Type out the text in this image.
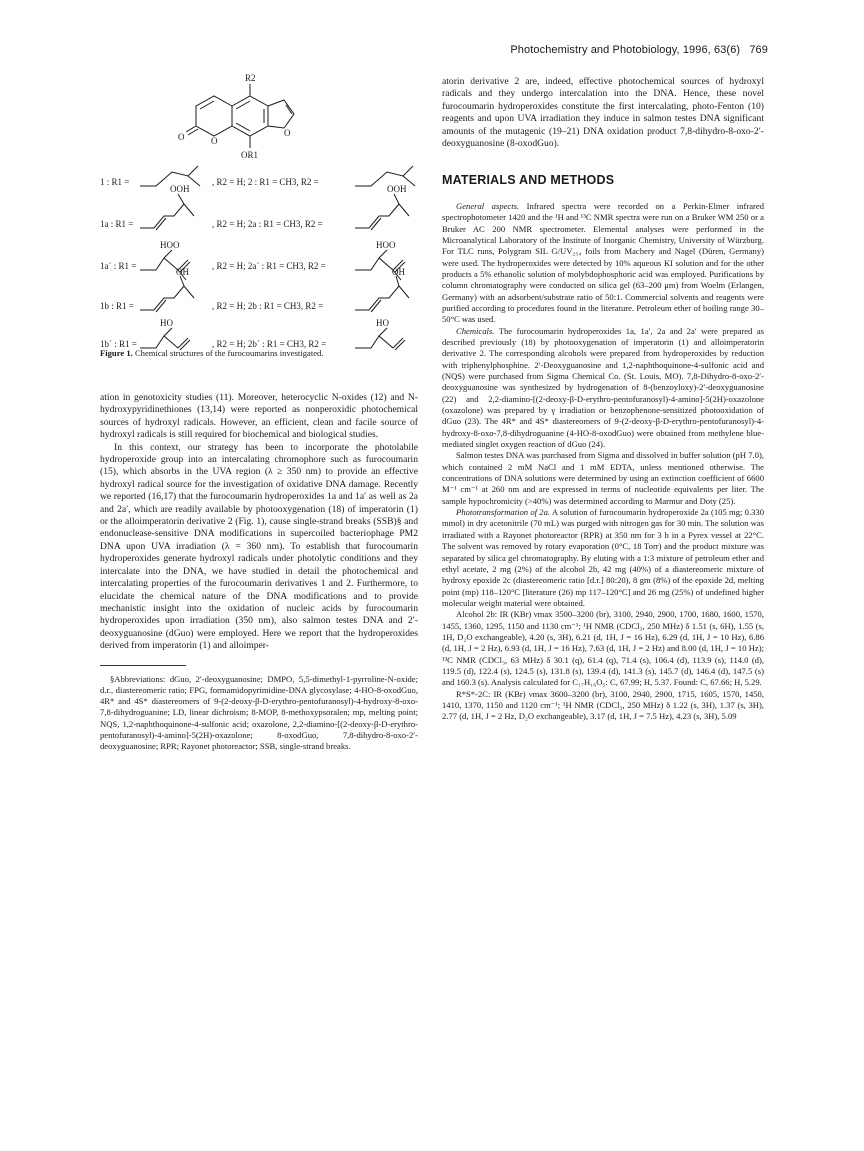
Photochemistry and Photobiology, 1996, 63(6) 769
R2
OR1
O	O
O
1 : R1 =	, R2 = H; 2 : R1 = CH3, R2 =
1a : R1 =	, R2 = H; 2a : R1 = CH3, R2 =
OOH	OOH
1a´ : R1 =	, R2 = H; 2a´ : R1 = CH3, R2 =
HOO	HOO
1b : R1 =	, R2 = H; 2b : R1 = CH3, R2 =
OH	OH
1b´ : R1 =	, R2 = H; 2b´ : R1 = CH3, R2 =
HO	HO
Figure 1. Chemical structures of the furocoumarins investigated.

ation in genotoxicity studies (11). Moreover, heterocyclic N-oxides (12) and N-hydroxypyridinethiones (13,14) were reported as nonperoxidic photochemical sources of hydroxyl radicals. However, an efficient, clean and facile source of hydroxyl radicals is still required for biochemical and biological studies.

In this context, our strategy has been to incorporate the photolabile hydroperoxide group into an intercalating chromophore such as furocoumarin (15), which absorbs in the UVA region (λ ≥ 350 nm) to provide an effective hydroxyl radical source for the investigation of oxidative DNA damage. Recently we reported (16,17) that the furocoumarin hydroperoxides 1a and 1a′ as well as 2a and 2a′, which are readily available by photooxygenation (18) of imperatorin (1) or the alloimperatorin derivative 2 (Fig. 1), cause single-strand breaks (SSB)§ and endonuclease-sensitive DNA modifications in supercoiled bacteriophage PM2 DNA upon UVA irradiation (λ = 360 nm). To establish that furocoumarin hydroperoxides generate hydroxyl radicals under photolytic conditions and they intercalate into the DNA, we have studied in detail the photochemical and intercalating properties of the furocoumarin derivatives 1 and 2. Furthermore, to elucidate the chemical nature of the DNA modifications and to provide mechanistic insight into the oxidation of nucleic acids by furocoumarin hydroperoxides upon irradiation (350 nm), also salmon testes DNA and 2′-deoxyguanosine (dGuo) were employed. Here we report that the hydroperoxides derived from imperatorin (1) and alloimper-

§Abbreviations: dGuo, 2′-deoxyguanosine; DMPO, 5,5-dimethyl-1-pyrroline-N-oxide; d.r., diastereomeric ratio; FPG, formamidopyrimidine-DNA glycosylase; 4-HO-8-oxodGuo, 4R* and 4S* diastereomers of 9-(2-deoxy-β-D-erythro-pentofuranosyl)-4-hydroxy-8-oxo-7,8-dihydroguanine; LD, linear dichroism; 8-MOP, 8-methoxypsoralen; mp, melting point; NQS, 1,2-naphthoquinone-4-sulfonic acid; oxazolone, 2,2-diamino-[(2-deoxy-β-D-erythro-pentofuranosyl)-4-amino]-5(2H)-oxazolone; 8-oxodGuo, 7,8-dihydro-8-oxo-2′-deoxyguanosine; RPR; Rayonet photoreactor; SSB, single-strand breaks.

atorin derivative 2 are, indeed, effective photochemical sources of hydroxyl radicals and they undergo intercalation into the DNA. Hence, these novel furocoumarin hydroperoxides constitute the first intercalating, photo-Fenton (10) reagents and upon UVA irradiation they induce in salmon testes DNA significant amounts of the mutagenic (19–21) DNA oxidation product 7,8-dihydro-8-oxo-2′-deoxyguanosine (8-oxodGuo).

MATERIALS AND METHODS

General aspects. Infrared spectra were recorded on a Perkin-Elmer infrared spectrophotometer 1420 and the ¹H and ¹³C NMR spectra were run on a Bruker WM 250 or a Bruker AC 200 NMR spectrometer. Elemental analyses were performed in the Microanalytical Laboratory of the Institute of Inorganic Chemistry, University of Würzburg. For TLC runs, Polygram SIL G/UV₂₅₄ foils from Machery and Nagel (Düren, Germany) were used. The hydroperoxides were detected by 10% aqueous KI solution and for the other products a 5% ethanolic solution of molybdophosphoric acid was employed. Purifications by column chromatography were conducted on silica gel (63–200 μm) from Woelm (Erlangen, Germany) with an adsorbent/substrate ratio of 50:1. Commercial solvents and reagents were purified according to procedures found in the literature. Petroleum ether of boiling range 30–50°C was used.

Chemicals. The furocoumarin hydroperoxides 1a, 1a′, 2a and 2a′ were prepared as described previously (18) by photooxygenation of imperatorin (1) and alloimperatorin derivative 2. The corresponding alcohols were prepared from hydroperoxides by reduction with triphenylphosphine. 2′-Deoxyguanosine and 1,2-naphthoquinone-4-sulfonic acid and (NQS) were purchased from Sigma Chemical Co. (St. Louis, MO). 7,8-Dihydro-8-oxo-2′-deoxyguanosine was synthesized by hydrogenation of 8-(benzoyloxy)-2′-deoxyguanosine (22) and 2,2-diamino-[(2-deoxy-β-D-erythro-pentofuranosyl)-4-amino]-5(2H)-oxazolone (oxazolone) was prepared by γ irradiation or benzophenone-sensitized photooxidation of dGuo (23). The 4R* and 4S* diastereomers of 9-(2-deoxy-β-D-erythro-pentofuranosyl)-4-hydroxy-8-oxo-7,8-dihydroguanine (4-HO-8-oxodGuo) were obtained from methylene blue-mediated singlet oxygen reaction of dGuo (24).

Salmon testes DNA was purchased from Sigma and dissolved in buffer solution (pH 7.0), which contained 2 mM NaCl and 1 mM EDTA, unless mentioned otherwise. The concentrations of DNA solutions were determined by using an extinction coefficient of 6600 M⁻¹ cm⁻¹ at 260 nm and are expressed in terms of nucleotide equivalents per liter. The sample hypochromicity (>40%) was determined according to Marmur and Doty (25).

Phototransformation of 2a. A solution of furocoumarin hydroperoxide 2a (105 mg; 0.330 mmol) in dry acetonitrile (70 mL) was purged with nitrogen gas for 30 min. The solution was irradiated with a Rayonet photoreactor (RPR) at 350 nm for 3 h in a Pyrex vessel at 22°C. The solvent was removed by rotary evaporation (0°C, 18 Torr) and the product mixture was separated by silica gel chromatography. By eluting with a 1:3 mixture of petroleum ether and ethyl acetate, 2 mg (2%) of the alcohol 2b, 42 mg (40%) of a diastereomeric mixture of hydroxy epoxide 2c (diastereomeric ratio [d.r.] 80:20), 8 gm (8%) of the epoxide 2d, melting point (mp) 118–120°C [literature (26) mp 117–120°C] and 26 mg (25%) of undefined higher molecular weight material were obtained.

Alcohol 2b: IR (KBr) νmax 3500–3200 (br), 3100, 2940, 2900, 1700, 1680, 1600, 1570, 1455, 1360, 1295, 1150 and 1130 cm⁻¹; ¹H NMR (CDCl₃, 250 MHz) δ 1.51 (s, 6H), 1.55 (s, 1H, D₂O exchangeable), 4.20 (s, 3H), 6.21 (d, 1H, J = 16 Hz), 6.29 (d, 1H, J = 10 Hz), 6.86 (d, 1H, J = 2 Hz), 6.93 (d, 1H, J = 16 Hz), 7.63 (d, 1H, J = 2 Hz) and 8.00 (d, 1H, J = 10 Hz); ¹³C NMR (CDCl₃, 63 MHz) δ 30.1 (q), 61.4 (q), 71.4 (s), 106.4 (d), 113.9 (s), 114.0 (d), 119.5 (d), 122.4 (s), 124.5 (s), 131.8 (s), 139.4 (d), 141.3 (s), 145.7 (d), 146.4 (d), 147.5 (s) and 160.3 (s). Analysis calculated for C₁₇H₁₆O₅: C, 67.99; H, 5.37. Found: C, 67.66; H, 5.29.

R*S*-2C: IR (KBr) νmax 3600–3200 (br), 3100, 2940, 2900, 1715, 1605, 1570, 1450, 1410, 1370, 1150 and 1120 cm⁻¹; ¹H NMR (CDCl₃, 250 MHz) δ 1.22 (s, 3H), 1.37 (s, 3H), 2.77 (d, 1H, J = 2 Hz, D₂O exchangeable), 3.17 (d, 1H, J = 7.5 Hz), 4.23 (s, 3H), 5.09
